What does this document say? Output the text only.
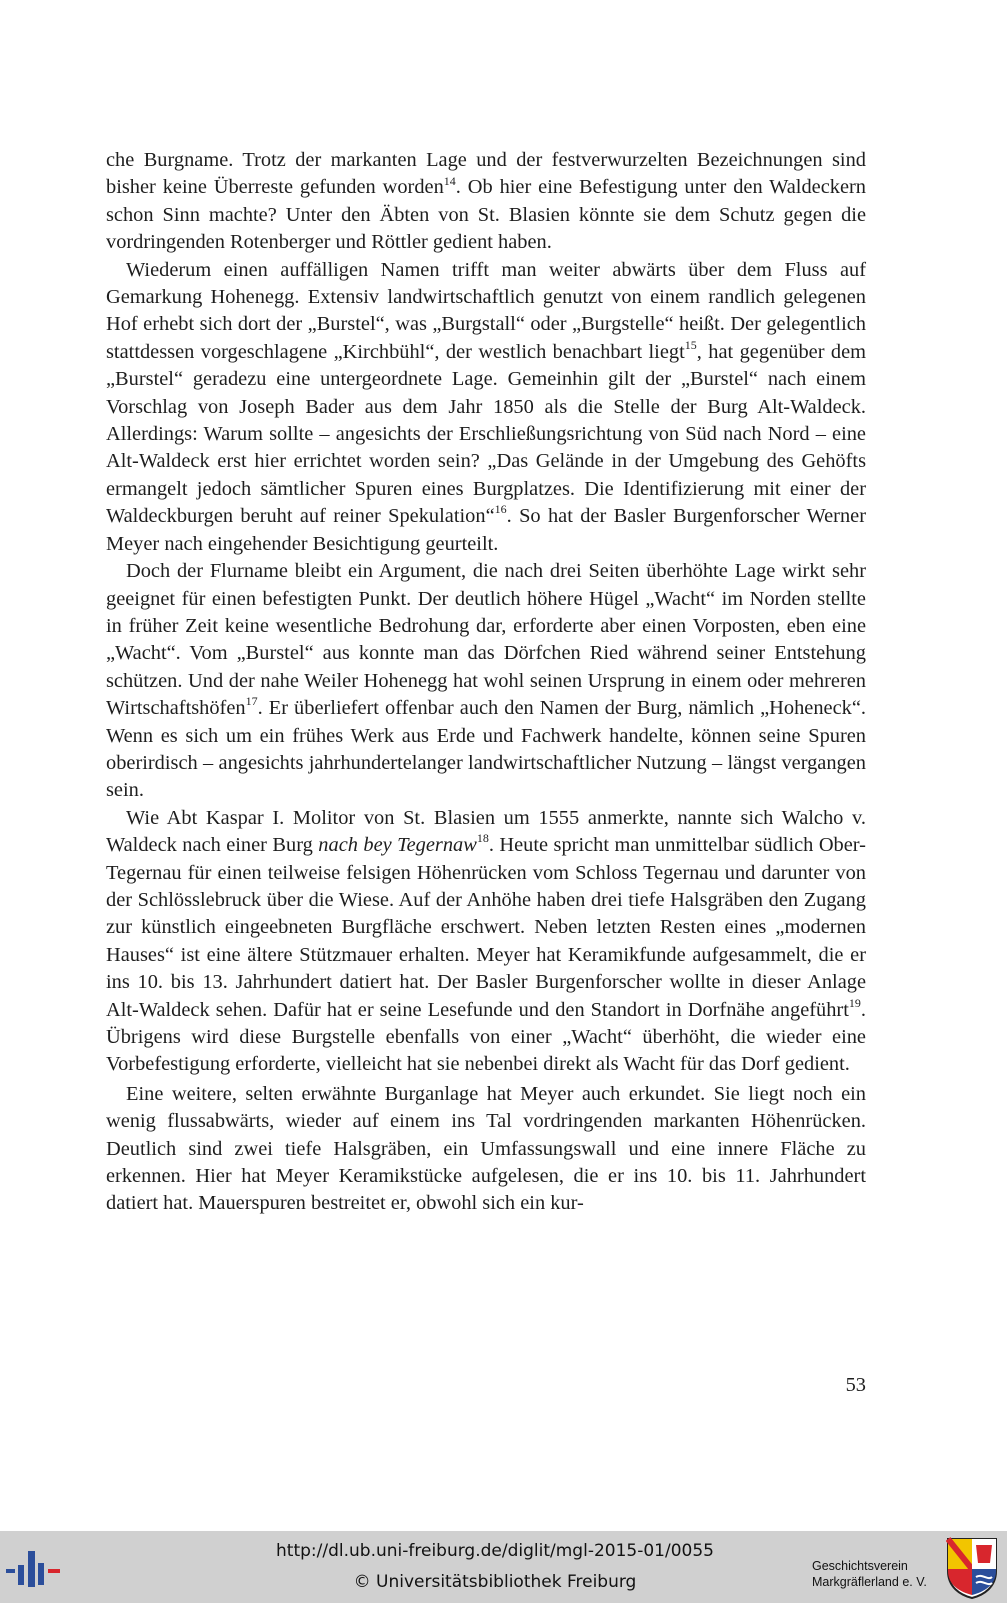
che Burgname. Trotz der markanten Lage und der festverwurzelten Bezeichnungen sind bisher keine Überreste gefunden worden$^{14}$. Ob hier eine Befestigung unter den Waldeckern schon Sinn machte? Unter den Äbten von St. Blasien könnte sie dem Schutz gegen die vordringenden Rotenberger und Röttler gedient haben.

Wiederum einen auffälligen Namen trifft man weiter abwärts über dem Fluss auf Gemarkung Hohenegg. Extensiv landwirtschaftlich genutzt von einem randlich gelegenen Hof erhebt sich dort der „Burstel“, was „Burgstall“ oder „Burgstelle“ heißt. Der gelegentlich stattdessen vorgeschlagene „Kirchbühl“, der westlich benachbart liegt$^{15}$, hat gegenüber dem „Burstel“ geradezu eine untergeordnete Lage. Gemeinhin gilt der „Burstel“ nach einem Vorschlag von Joseph Bader aus dem Jahr 1850 als die Stelle der Burg Alt-Waldeck. Allerdings: Warum sollte – angesichts der Erschließungsrichtung von Süd nach Nord – eine Alt-Waldeck erst hier errichtet worden sein? „Das Gelände in der Umgebung des Gehöfts ermangelt jedoch sämtlicher Spuren eines Burgplatzes. Die Identifizierung mit einer der Waldeckburgen beruht auf reiner Spekulation“$^{16}$. So hat der Basler Burgenforscher Werner Meyer nach eingehender Besichtigung geurteilt.

Doch der Flurname bleibt ein Argument, die nach drei Seiten überhöhte Lage wirkt sehr geeignet für einen befestigten Punkt. Der deutlich höhere Hügel „Wacht“ im Norden stellte in früher Zeit keine wesentliche Bedrohung dar, erforderte aber einen Vorposten, eben eine „Wacht“. Vom „Burstel“ aus konnte man das Dörfchen Ried während seiner Entstehung schützen. Und der nahe Weiler Hohenegg hat wohl seinen Ursprung in einem oder mehreren Wirtschaftshöfen$^{17}$. Er überliefert offenbar auch den Namen der Burg, nämlich „Hoheneck“. Wenn es sich um ein frühes Werk aus Erde und Fachwerk handelte, können seine Spuren oberirdisch – angesichts jahrhundertelanger landwirtschaftlicher Nutzung – längst vergangen sein.

Wie Abt Kaspar I. Molitor von St. Blasien um 1555 anmerkte, nannte sich Walcho v. Waldeck nach einer Burg nach bey Tegernaw$^{18}$. Heute spricht man unmittelbar südlich Ober-Tegernau für einen teilweise felsigen Höhenrücken vom Schloss Tegernau und darunter von der Schlösslebruck über die Wiese. Auf der Anhöhe haben drei tiefe Halsgräben den Zugang zur künstlich eingeebneten Burgfläche erschwert. Neben letzten Resten eines „modernen Hauses“ ist eine ältere Stützmauer erhalten. Meyer hat Keramikfunde aufgesammelt, die er ins 10. bis 13. Jahrhundert datiert hat. Der Basler Burgenforscher wollte in dieser Anlage Alt-Waldeck sehen. Dafür hat er seine Lesefunde und den Standort in Dorfnähe angeführt$^{19}$. Übrigens wird diese Burgstelle ebenfalls von einer „Wacht“ überhöht, die wieder eine Vorbefestigung erforderte, vielleicht hat sie nebenbei direkt als Wacht für das Dorf gedient.

Eine weitere, selten erwähnte Burganlage hat Meyer auch erkundet. Sie liegt noch ein wenig flussabwärts, wieder auf einem ins Tal vordringenden markanten Höhenrücken. Deutlich sind zwei tiefe Halsgräben, ein Umfassungswall und eine innere Fläche zu erkennen. Hier hat Meyer Keramikstücke aufgelesen, die er ins 10. bis 11. Jahrhundert datiert hat. Mauerspuren bestreitet er, obwohl sich ein kur-

53
http://dl.ub.uni-freiburg.de/diglit/mgl-2015-01/0055
© Universitätsbibliothek Freiburg
Geschichtsverein
Markgräflerland e. V.
